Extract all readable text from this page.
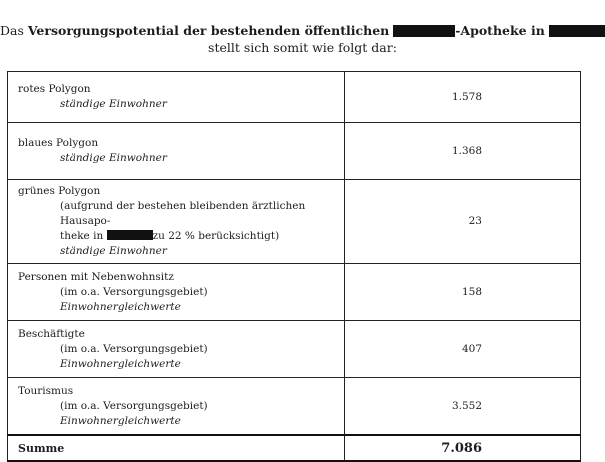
Das Versorgungspotential der bestehenden öffentlichen	-Apotheke in
stellt sich somit wie folgt dar:
rotes Polygon
ständige Einwohner	1.578

blaues Polygon
ständige Einwohner	1.368

grünes Polygon
(aufgrund der bestehen bleibenden ärztlichen Hausapo-
theke in zu 22 % berücksichtigt)
ständige Einwohner	23

Personen mit Nebenwohnsitz
(im o.a. Versorgungsgebiet)
Einwohnergleichwerte	158

Beschäftigte
(im o.a. Versorgungsgebiet)
Einwohnergleichwerte	407

Tourismus
(im o.a. Versorgungsgebiet)
Einwohnergleichwerte	3.552
Summe	7.086
